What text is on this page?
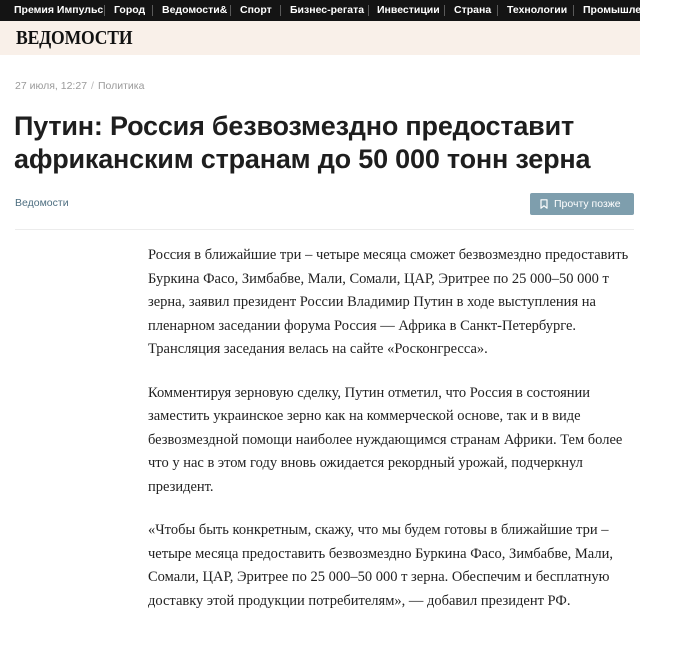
Премия Импульс Город Ведомости& Спорт Бизнес-регата Инвестиции Страна Технологии Промышленность
ВЕДОМОСТИ
27 июля, 12:27 / Политика
Путин: Россия безвозмездно предоставит африканским странам до 50 000 тонн зерна
Ведомости	Прочту позже

Россия в ближайшие три – четыре месяца сможет безвозмездно предоставить Буркина Фасо, Зимбабве, Мали, Сомали, ЦАР, Эритрее по 25 000–50 000 т зерна, заявил президент России Владимир Путин в ходе выступления на пленарном заседании форума Россия — Африка в Санкт-Петербурге. Трансляция заседания велась на сайте «Росконгресса».

Комментируя зерновую сделку, Путин отметил, что Россия в состоянии заместить украинское зерно как на коммерческой основе, так и в виде безвозмездной помощи наиболее нуждающимся странам Африки. Тем более что у нас в этом году вновь ожидается рекордный урожай, подчеркнул президент.

«Чтобы быть конкретным, скажу, что мы будем готовы в ближайшие три – четыре месяца предоставить безвозмездно Буркина Фасо, Зимбабве, Мали, Сомали, ЦАР, Эритрее по 25 000–50 000 т зерна. Обеспечим и бесплатную доставку этой продукции потребителям», — добавил президент РФ.
